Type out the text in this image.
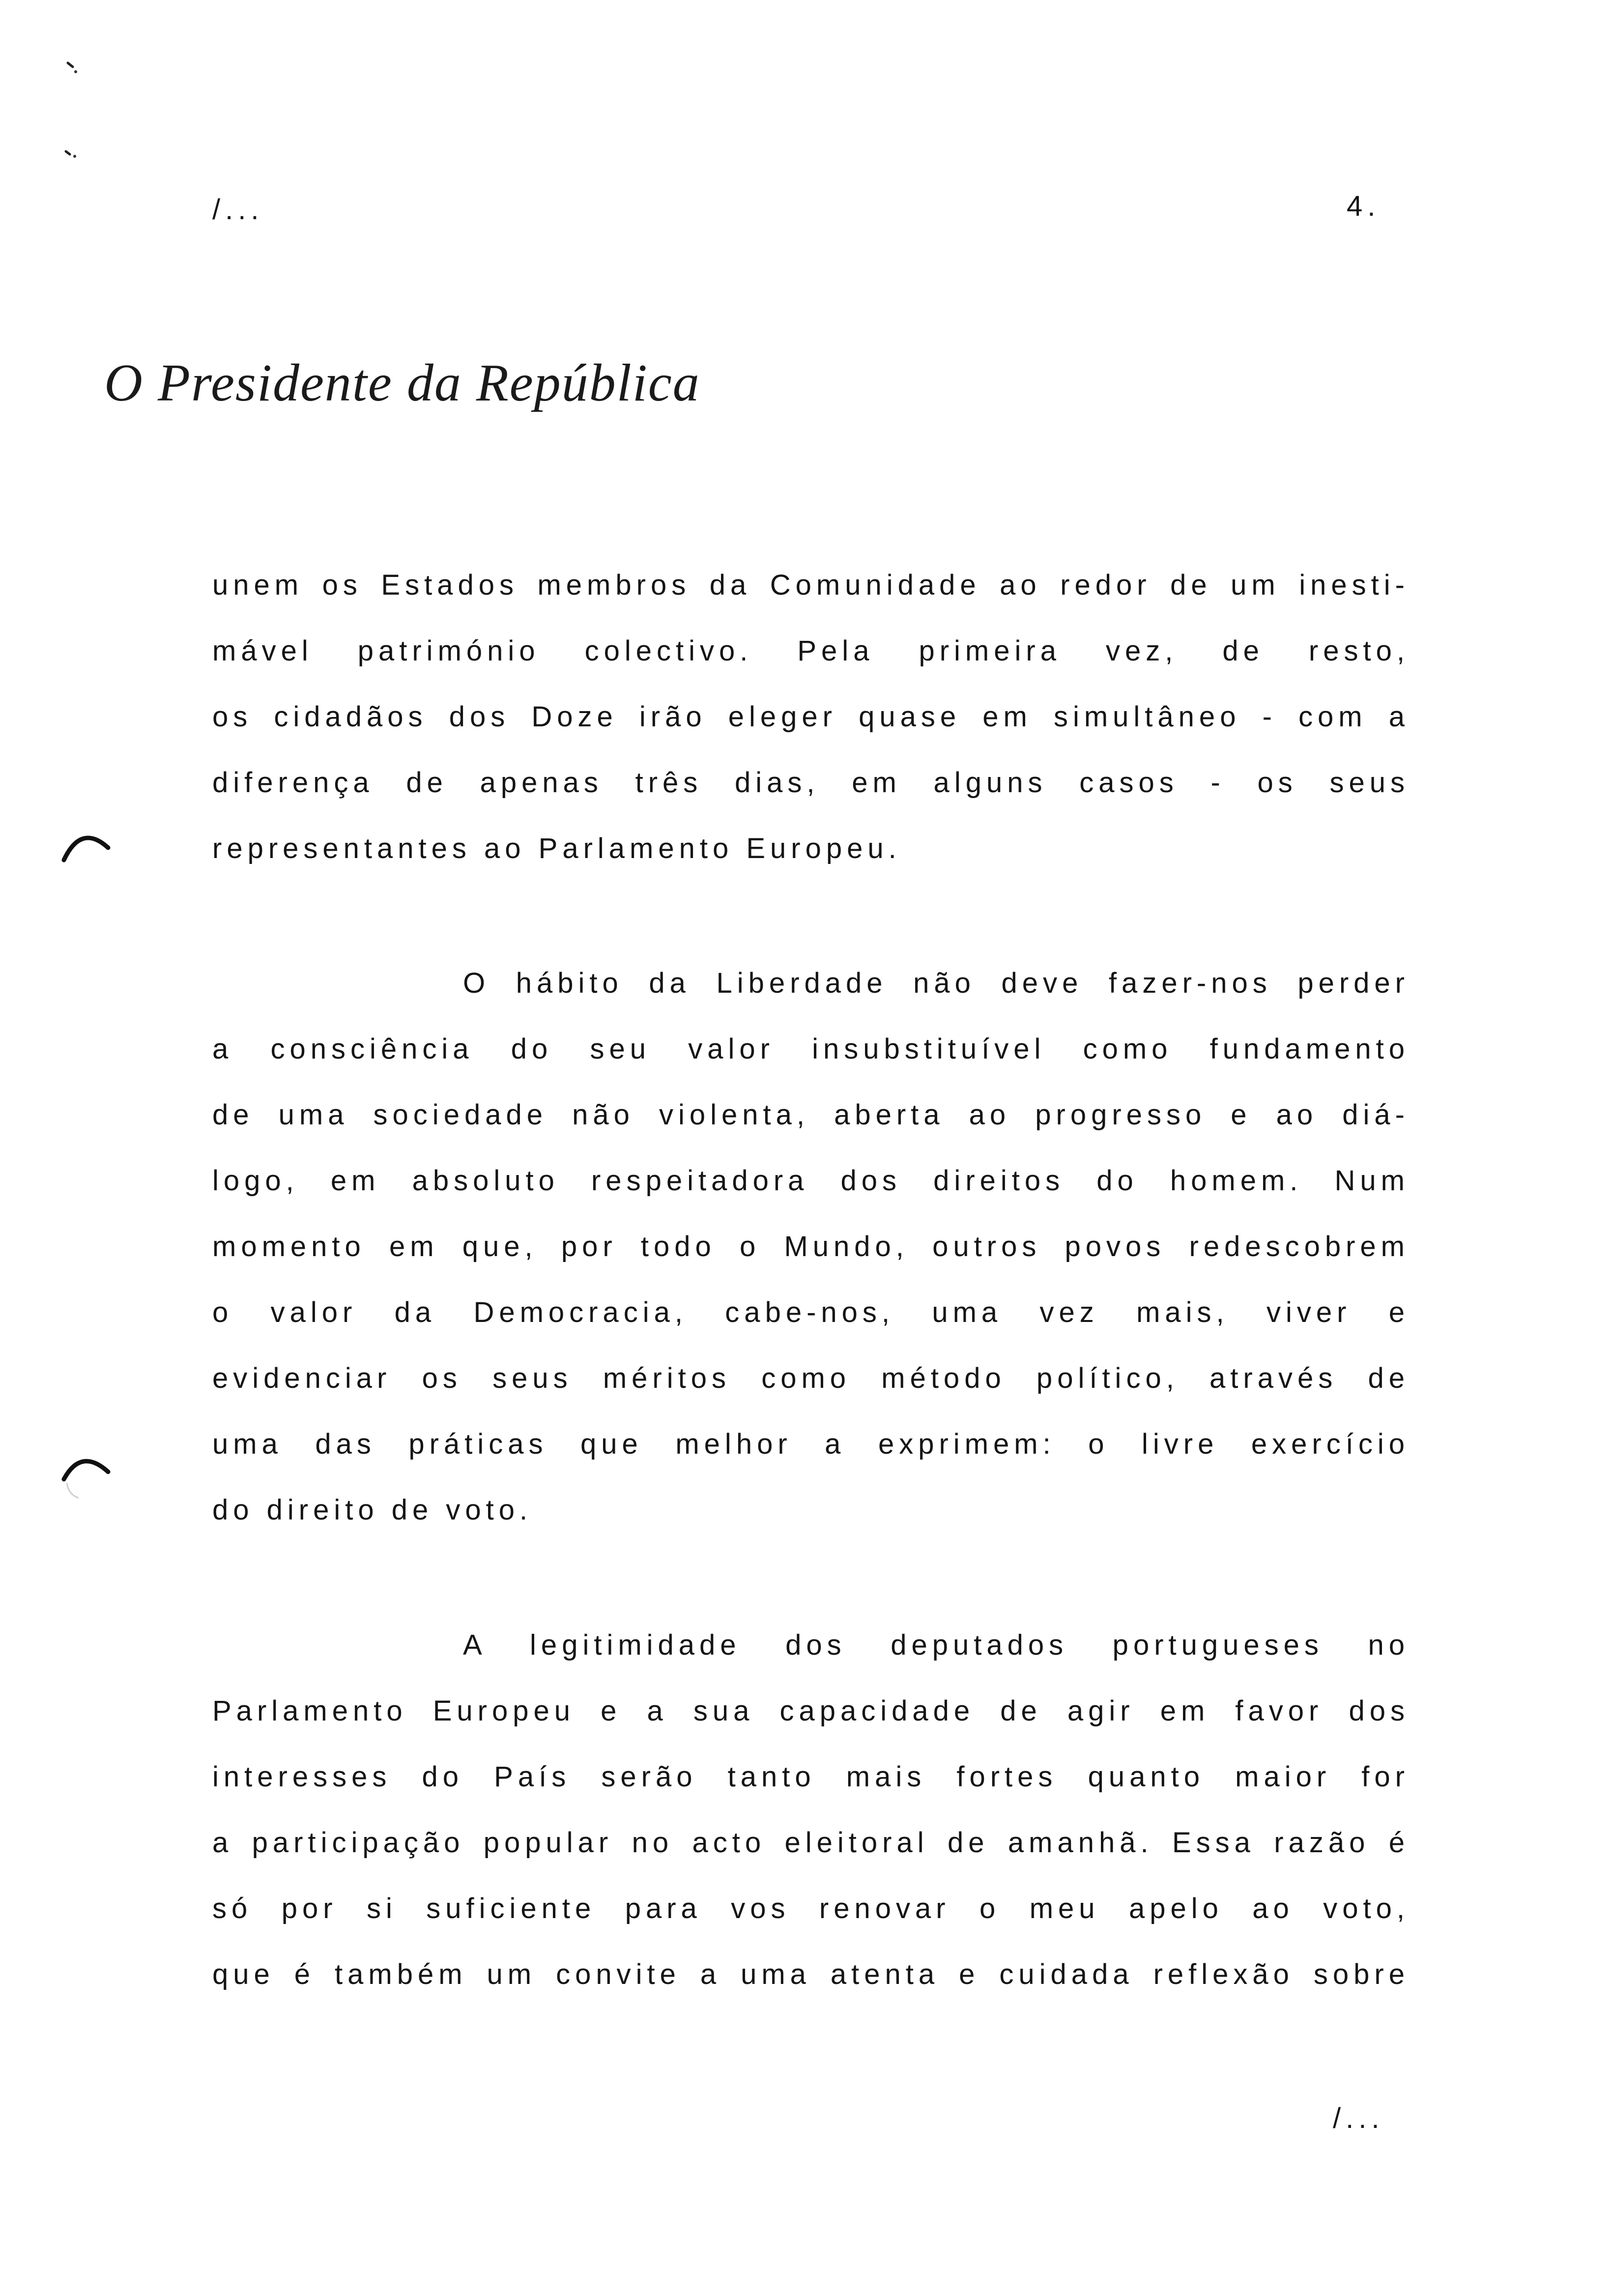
/...	4.
O Presidente da República
unem os Estados membros da Comunidade ao redor de um inesti-
mável património colectivo. Pela primeira vez, de resto,
os cidadãos dos Doze irão eleger quase em simultâneo - com a
diferença de apenas três dias, em alguns casos - os seus
representantes ao Parlamento Europeu.
O hábito da Liberdade não deve fazer-nos perder
a consciência do seu valor insubstituível como fundamento
de uma sociedade não violenta, aberta ao progresso e ao diá-
logo, em absoluto respeitadora dos direitos do homem. Num
momento em que, por todo o Mundo, outros povos redescobrem
o valor da Democracia, cabe-nos, uma vez mais, viver e
evidenciar os seus méritos como método político, através de
uma das práticas que melhor a exprimem: o livre exercício
do direito de voto.
A legitimidade dos deputados portugueses no
Parlamento Europeu e a sua capacidade de agir em favor dos
interesses do País serão tanto mais fortes quanto maior for
a participação popular no acto eleitoral de amanhã. Essa razão é
só por si suficiente para vos renovar o meu apelo ao voto,
que é também um convite a uma atenta e cuidada reflexão sobre
/...
